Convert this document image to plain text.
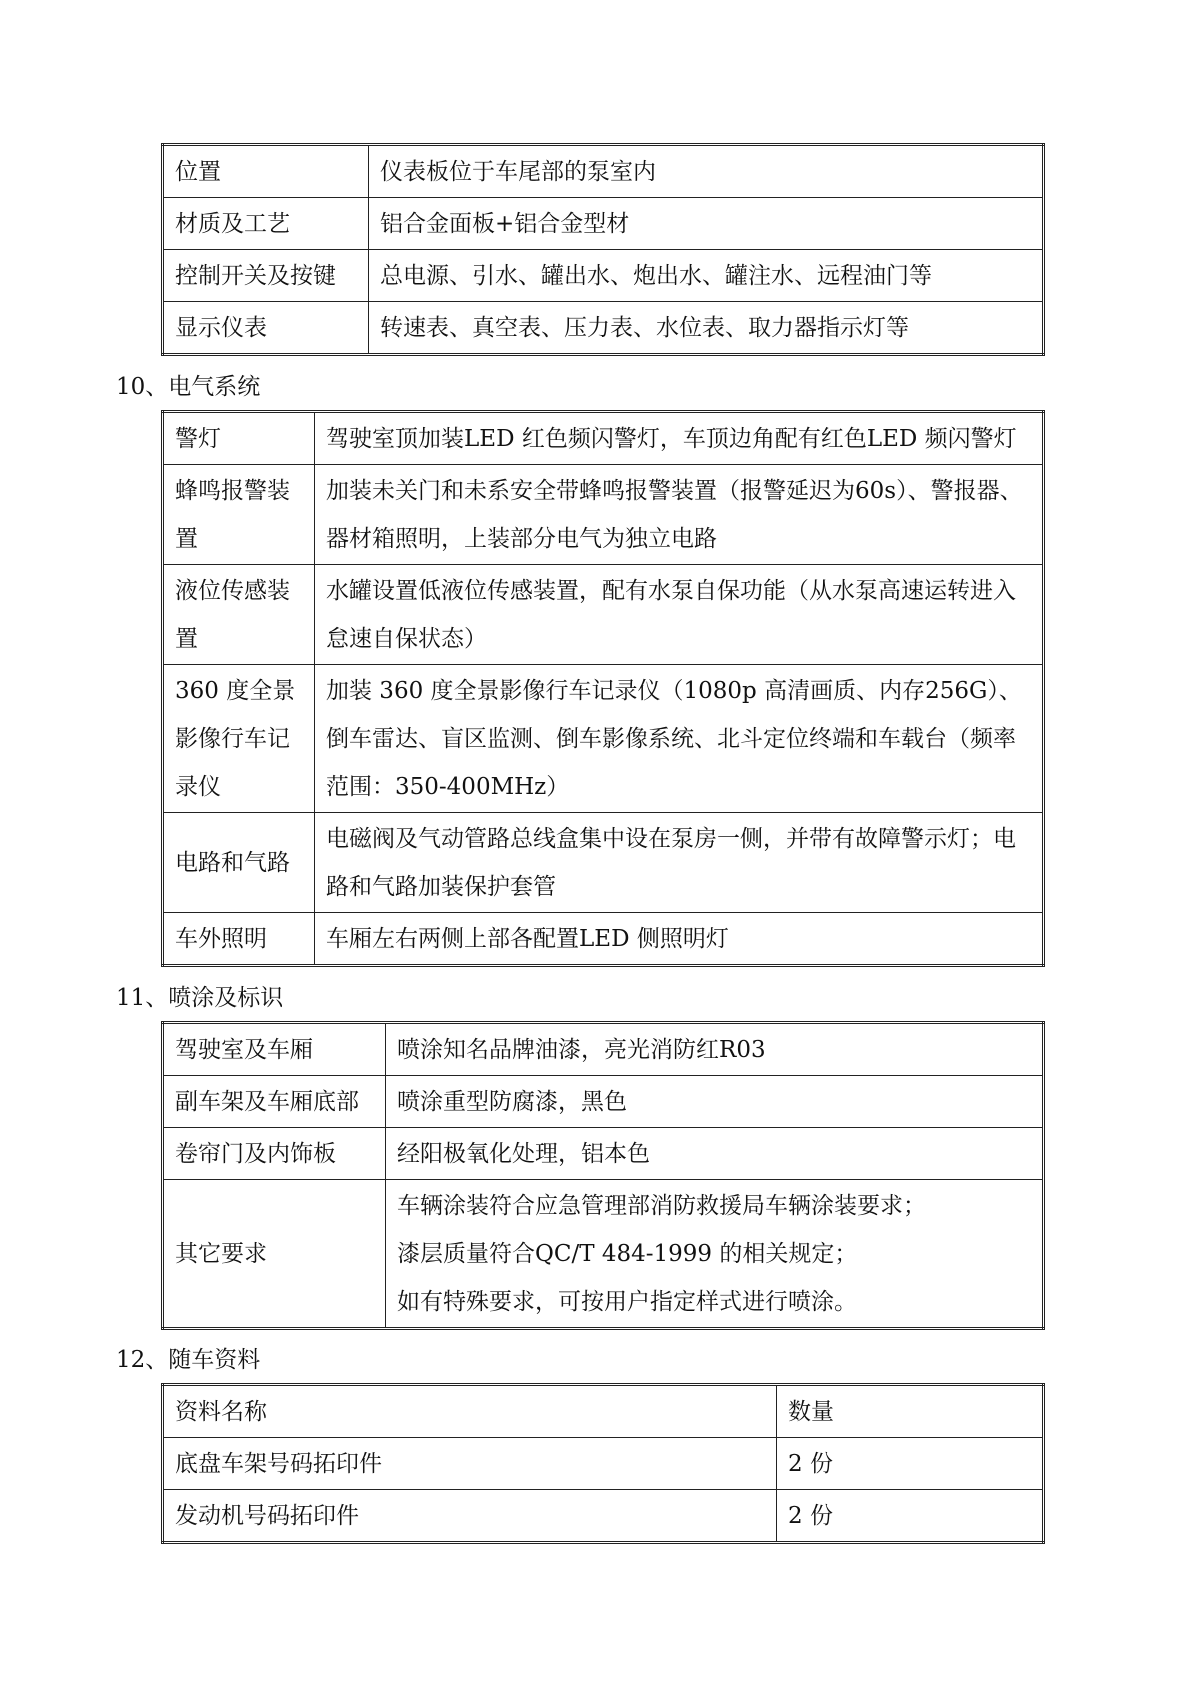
位置	仪表板位于车尾部的泵室内
材质及工艺	铝合金面板+铝合金型材
控制开关及按键	总电源、引水、罐出水、炮出水、罐注水、远程油门等
显示仪表	转速表、真空表、压力表、水位表、取力器指示灯等
10、电气系统
警灯	驾驶室顶加装LED 红色频闪警灯，车顶边角配有红色LED 频闪警灯
蜂鸣报警装置	加装未关门和未系安全带蜂鸣报警装置（报警延迟为60s）、警报器、器材箱照明，上装部分电气为独立电路
液位传感装置	水罐设置低液位传感装置，配有水泵自保功能（从水泵高速运转进入怠速自保状态）
360 度全景影像行车记录仪	加装 360 度全景影像行车记录仪（1080p 高清画质、内存256G）、倒车雷达、盲区监测、倒车影像系统、北斗定位终端和车载台（频率范围：350-400MHz）
电路和气路	电磁阀及气动管路总线盒集中设在泵房一侧，并带有故障警示灯；电路和气路加装保护套管
车外照明	车厢左右两侧上部各配置LED 侧照明灯
11、喷涂及标识
驾驶室及车厢	喷涂知名品牌油漆，亮光消防红R03
副车架及车厢底部	喷涂重型防腐漆，黑色
卷帘门及内饰板	经阳极氧化处理，铝本色
其它要求	车辆涂装符合应急管理部消防救援局车辆涂装要求；
漆层质量符合QC/T 484-1999 的相关规定；
如有特殊要求，可按用户指定样式进行喷涂。
12、随车资料
资料名称	数量
底盘车架号码拓印件	2 份
发动机号码拓印件	2 份
